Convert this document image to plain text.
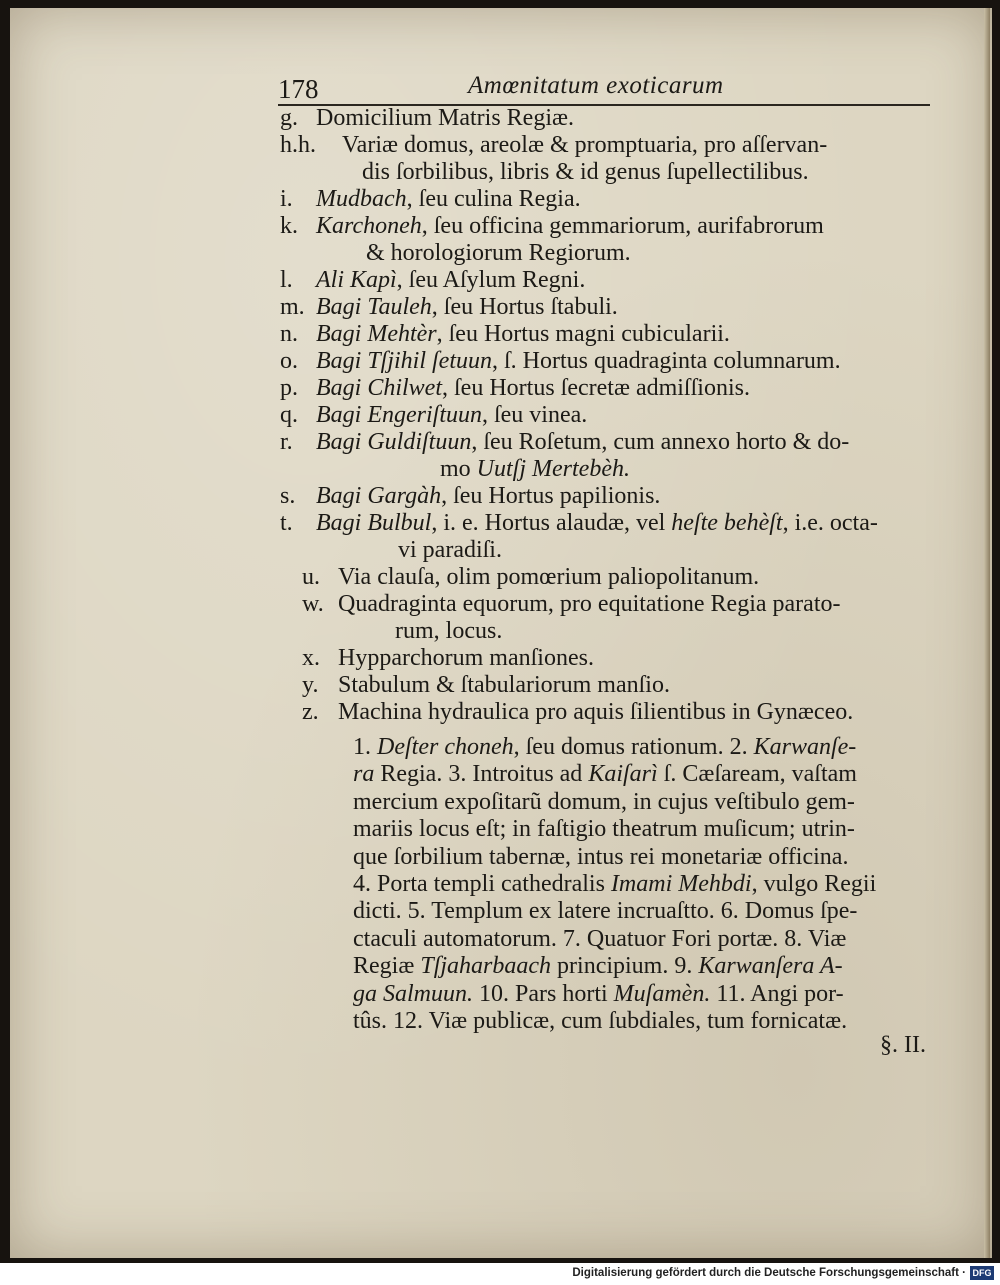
178	Amœnitatum exoticarum
g. Domicilium Matris Regiæ.
h.h. Variæ domus, areolæ & promptuaria, pro aſſervan-
dis ſorbilibus, libris & id genus ſupellectilibus.
i. Mudbach, ſeu culina Regia.
k. Karchoneh, ſeu officina gemmariorum, aurifabrorum
& horologiorum Regiorum.
l. Ali Kapì, ſeu Aſylum Regni.
m. Bagi Tauleh, ſeu Hortus ſtabuli.
n. Bagi Mehtèr, ſeu Hortus magni cubicularii.
o. Bagi Tſjihil ſetuun, ſ. Hortus quadraginta columnarum.
p. Bagi Chilwet, ſeu Hortus ſecretæ admiſſionis.
q. Bagi Engeriſtuun, ſeu vinea.
r. Bagi Guldiſtuun, ſeu Roſetum, cum annexo horto & do-
mo Uutſj Mertebèh.
s. Bagi Gargàh, ſeu Hortus papilionis.
t. Bagi Bulbul, i. e. Hortus alaudæ, vel heſte behèſt, i.e. octa-
vi paradiſi.
u. Via clauſa, olim pomœrium paliopolitanum.
w. Quadraginta equorum, pro equitatione Regia parato-
rum, locus.
x. Hypparchorum manſiones.
y. Stabulum & ſtabulariorum manſio.
z. Machina hydraulica pro aquis ſilientibus in Gynæceo.
1. Deſter choneh, ſeu domus rationum. 2. Karwanſe-
ra Regia. 3. Introitus ad Kaiſarì ſ. Cæſaream, vaſtam
mercium expoſitarũ domum, in cujus veſtibulo gem-
mariis locus eſt; in faſtigio theatrum muſicum; utrin-
que ſorbilium tabernæ, intus rei monetariæ officina.
4. Porta templi cathedralis Imami Mehbdi, vulgo Regii
dicti. 5. Templum ex latere incruaſtto. 6. Domus ſpe-
ctaculi automatorum. 7. Quatuor Fori portæ. 8. Viæ
Regiæ Tſjaharbaach principium. 9. Karwanſera A-
ga Salmuun. 10. Pars horti Muſamèn. 11. Angi por-
tûs. 12. Viæ publicæ, cum ſubdiales, tum fornicatæ.
§. II.
Digitalisierung gefördert durch die Deutsche Forschungsgemeinschaft · DFG
